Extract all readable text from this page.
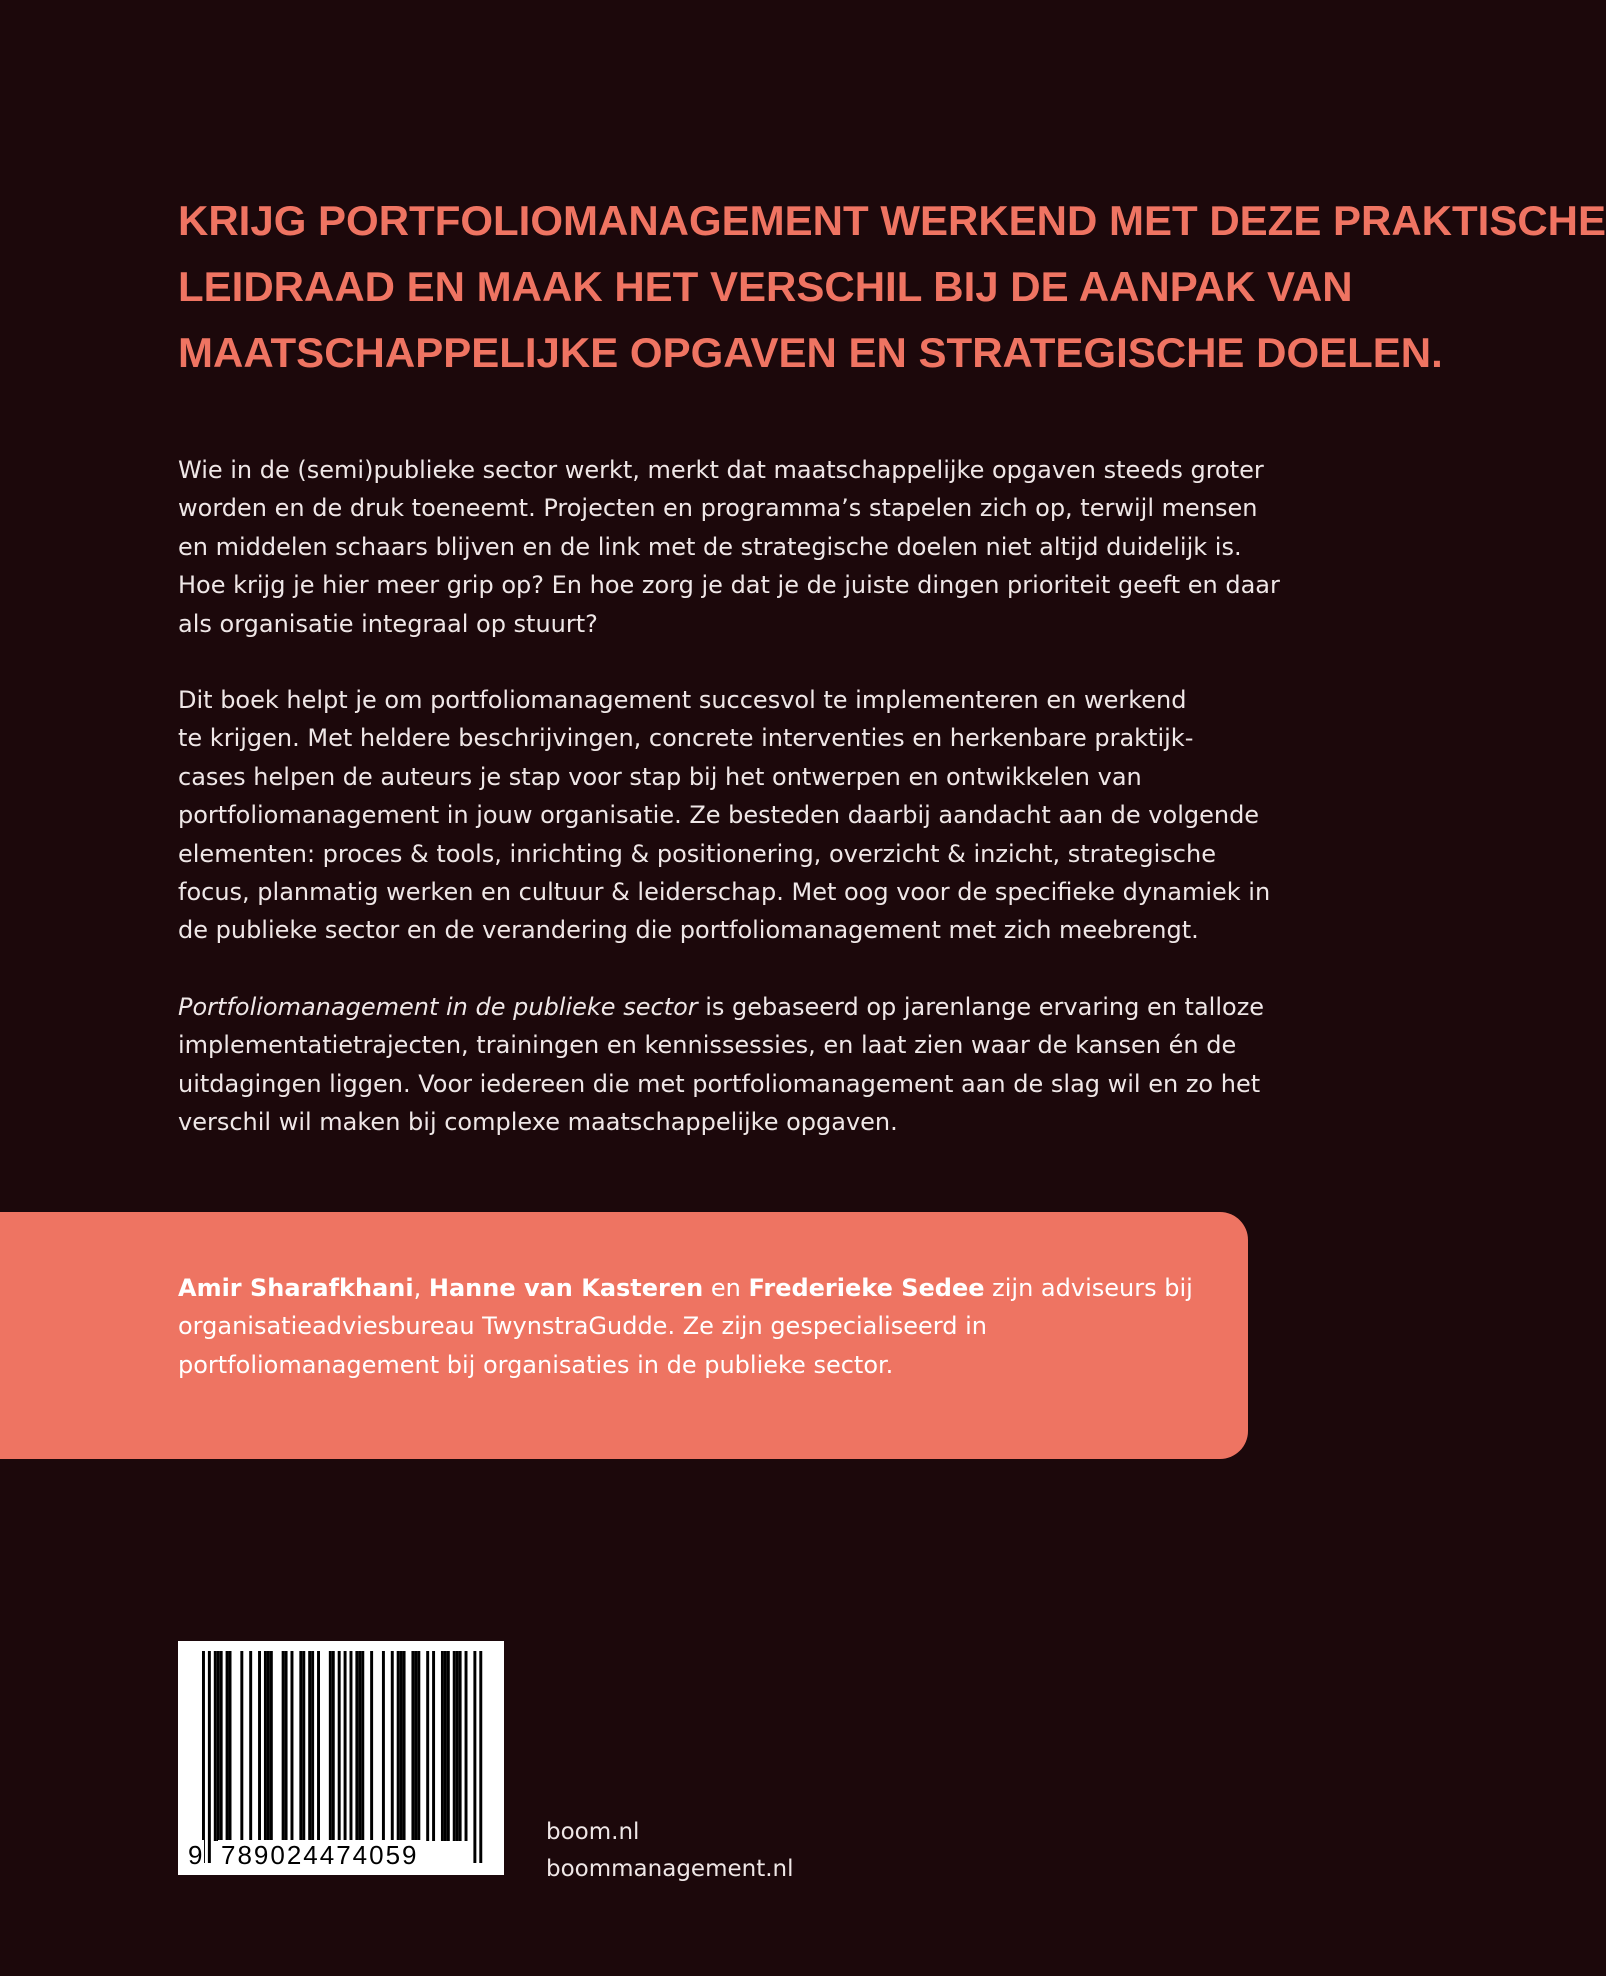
KRIJG PORTFOLIOMANAGEMENT WERKEND MET DEZE PRAKTISCHE
LEIDRAAD EN MAAK HET VERSCHIL BIJ DE AANPAK VAN
MAATSCHAPPELIJKE OPGAVEN EN STRATEGISCHE DOELEN.

Wie in de (semi)publieke sector werkt, merkt dat maatschappelijke opgaven steeds groter
worden en de druk toeneemt. Projecten en programma’s stapelen zich op, terwijl mensen
en middelen schaars blijven en de link met de strategische doelen niet altijd duidelijk is.
Hoe krijg je hier meer grip op? En hoe zorg je dat je de juiste dingen prioriteit geeft en daar
als organisatie integraal op stuurt?

Dit boek helpt je om portfoliomanagement succesvol te implementeren en werkend
te krijgen. Met heldere beschrijvingen, concrete interventies en herkenbare praktijk-
cases helpen de auteurs je stap voor stap bij het ontwerpen en ontwikkelen van
portfoliomanagement in jouw organisatie. Ze besteden daarbij aandacht aan de volgende
elementen: proces & tools, inrichting & positionering, overzicht & inzicht, strategische
focus, planmatig werken en cultuur & leiderschap. Met oog voor de specifieke dynamiek in
de publieke sector en de verandering die portfoliomanagement met zich meebrengt.

Portfoliomanagement in de publieke sector is gebaseerd op jarenlange ervaring en talloze
implementatietrajecten, trainingen en kennissessies, en laat zien waar de kansen én de
uitdagingen liggen. Voor iedereen die met portfoliomanagement aan de slag wil en zo het
verschil wil maken bij complexe maatschappelijke opgaven.

Amir Sharafkhani, Hanne van Kasteren en Frederieke Sedee zijn adviseurs bij
organisatieadviesbureau TwynstraGudde. Ze zijn gespecialiseerd in
portfoliomanagement bij organisaties in de publieke sector.

9 789024474059
boom.nl
boommanagement.nl
